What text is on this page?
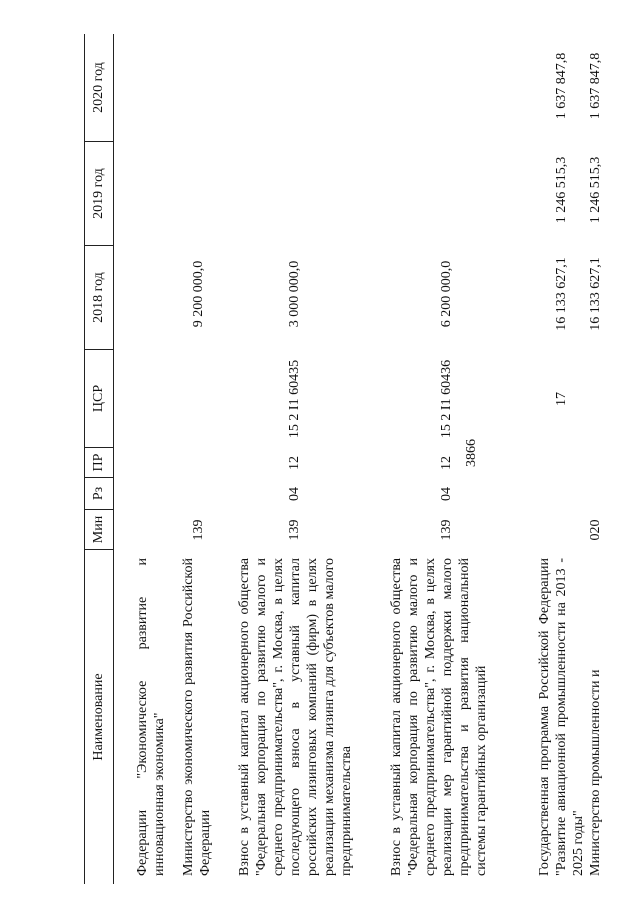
3866
Наименование
Мин
Рз
ПР
ЦСР
2018 год
2019 год
2020 год
Федерации "Экономическое развитие и инновационная экономика" Министерство экономического развития Российской Федерации
139
9 200 000,0
Взнос в уставный капитал акционерного общества "Федеральная корпорация по развитию малого и среднего предпринимательства", г. Москва, в целях последующего взноса в уставный капитал российских лизинговых компаний (фирм) в целях реализации механизма лизинга для субъектов малого предпринимательства
139
04
12
15 2 I1 60435
3 000 000,0
Взнос в уставный капитал акционерного общества "Федеральная корпорация по развитию малого и среднего предпринимательства", г. Москва, в целях реализации мер гарантийной поддержки малого предпринимательства и развития национальной системы гарантийных организаций
139
04
12
15 2 I1 60436
6 200 000,0
Государственная программа Российской Федерации "Развитие авиационной промышленности на 2013 - 2025 годы"
17
16 133 627,1
1 246 515,3
1 637 847,8
Министерство промышленности и
020
16 133 627,1
1 246 515,3
1 637 847,8
